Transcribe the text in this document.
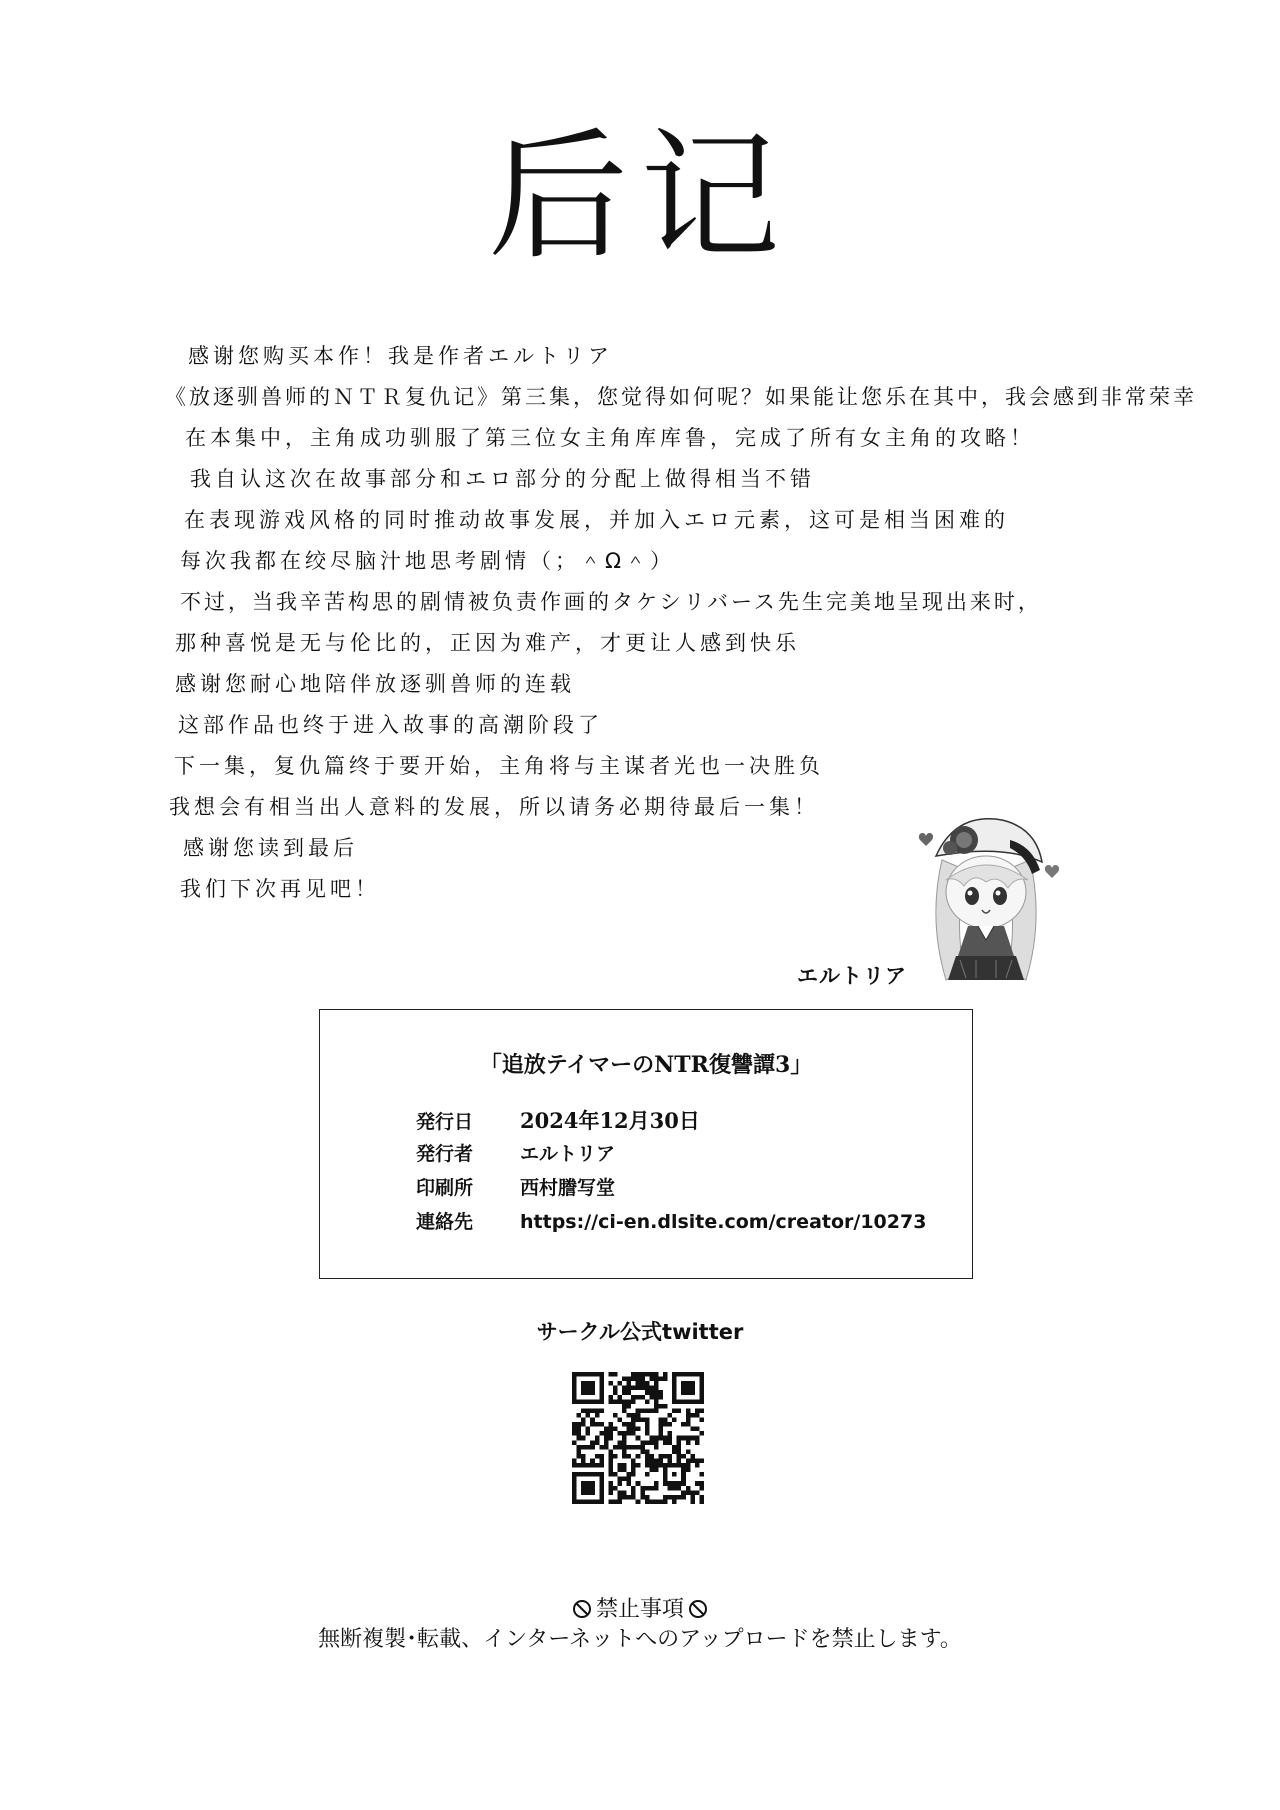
后记
感谢您购买本作！我是作者エルトリア
《放逐驯兽师的ＮＴＲ复仇记》第三集，您觉得如何呢？如果能让您乐在其中，我会感到非常荣幸
在本集中，主角成功驯服了第三位女主角库库鲁，完成了所有女主角的攻略！
我自认这次在故事部分和エロ部分的分配上做得相当不错
在表现游戏风格的同时推动故事发展，并加入エロ元素，这可是相当困难的
每次我都在绞尽脑汁地思考剧情（；＾Ω＾）
不过，当我辛苦构思的剧情被负责作画的タケシリバース先生完美地呈现出来时，
那种喜悦是无与伦比的，正因为难产，才更让人感到快乐
感谢您耐心地陪伴放逐驯兽师的连载
这部作品也终于进入故事的高潮阶段了
下一集，复仇篇终于要开始，主角将与主谋者光也一决胜负
我想会有相当出人意料的发展，所以请务必期待最后一集！
感谢您读到最后
我们下次再见吧！
エルトリア
「追放テイマーのNTR復讐譚3」
発行日 2024年12月30日
発行者 エルトリア
印刷所 西村謄写堂
連絡先 https://ci-en.dlsite.com/creator/10273
サークル公式twitter
禁止事項
無断複製･転載、インターネットへのアップロードを禁止します。
